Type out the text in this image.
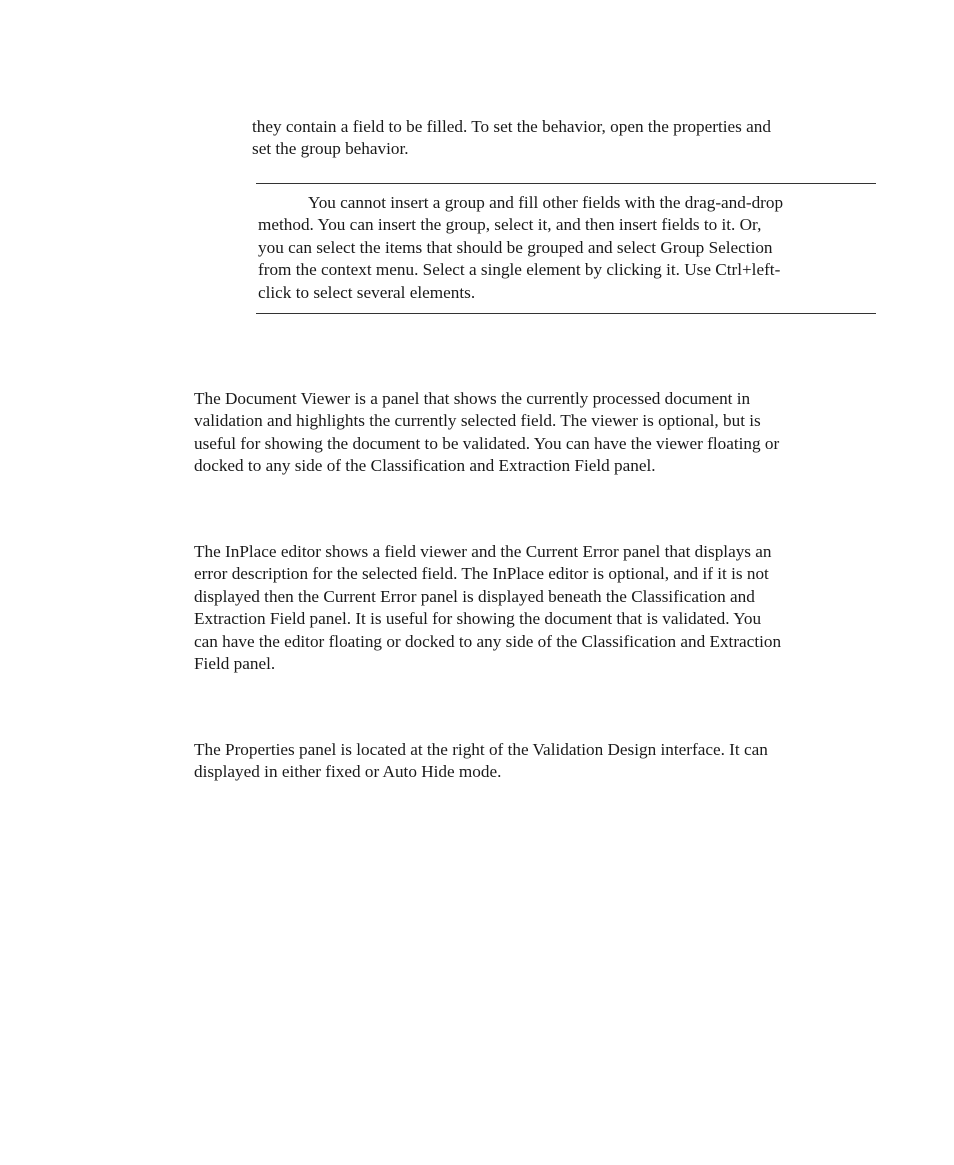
they contain a field to be filled. To set the behavior, open the properties and
set the group behavior.

You cannot insert a group and fill other fields with the drag-and-drop
method. You can insert the group, select it, and then insert fields to it. Or,
you can select the items that should be grouped and select Group Selection
from the context menu. Select a single element by clicking it. Use Ctrl+left-
click to select several elements.

The Document Viewer is a panel that shows the currently processed document in
validation and highlights the currently selected field. The viewer is optional, but is
useful for showing the document to be validated. You can have the viewer floating or
docked to any side of the Classification and Extraction Field panel.

The InPlace editor shows a field viewer and the Current Error panel that displays an
error description for the selected field. The InPlace editor is optional, and if it is not
displayed then the Current Error panel is displayed beneath the Classification and
Extraction Field panel. It is useful for showing the document that is validated. You
can have the editor floating or docked to any side of the Classification and Extraction
Field panel.

The Properties panel is located at the right of the Validation Design interface. It can
displayed in either fixed or Auto Hide mode.
